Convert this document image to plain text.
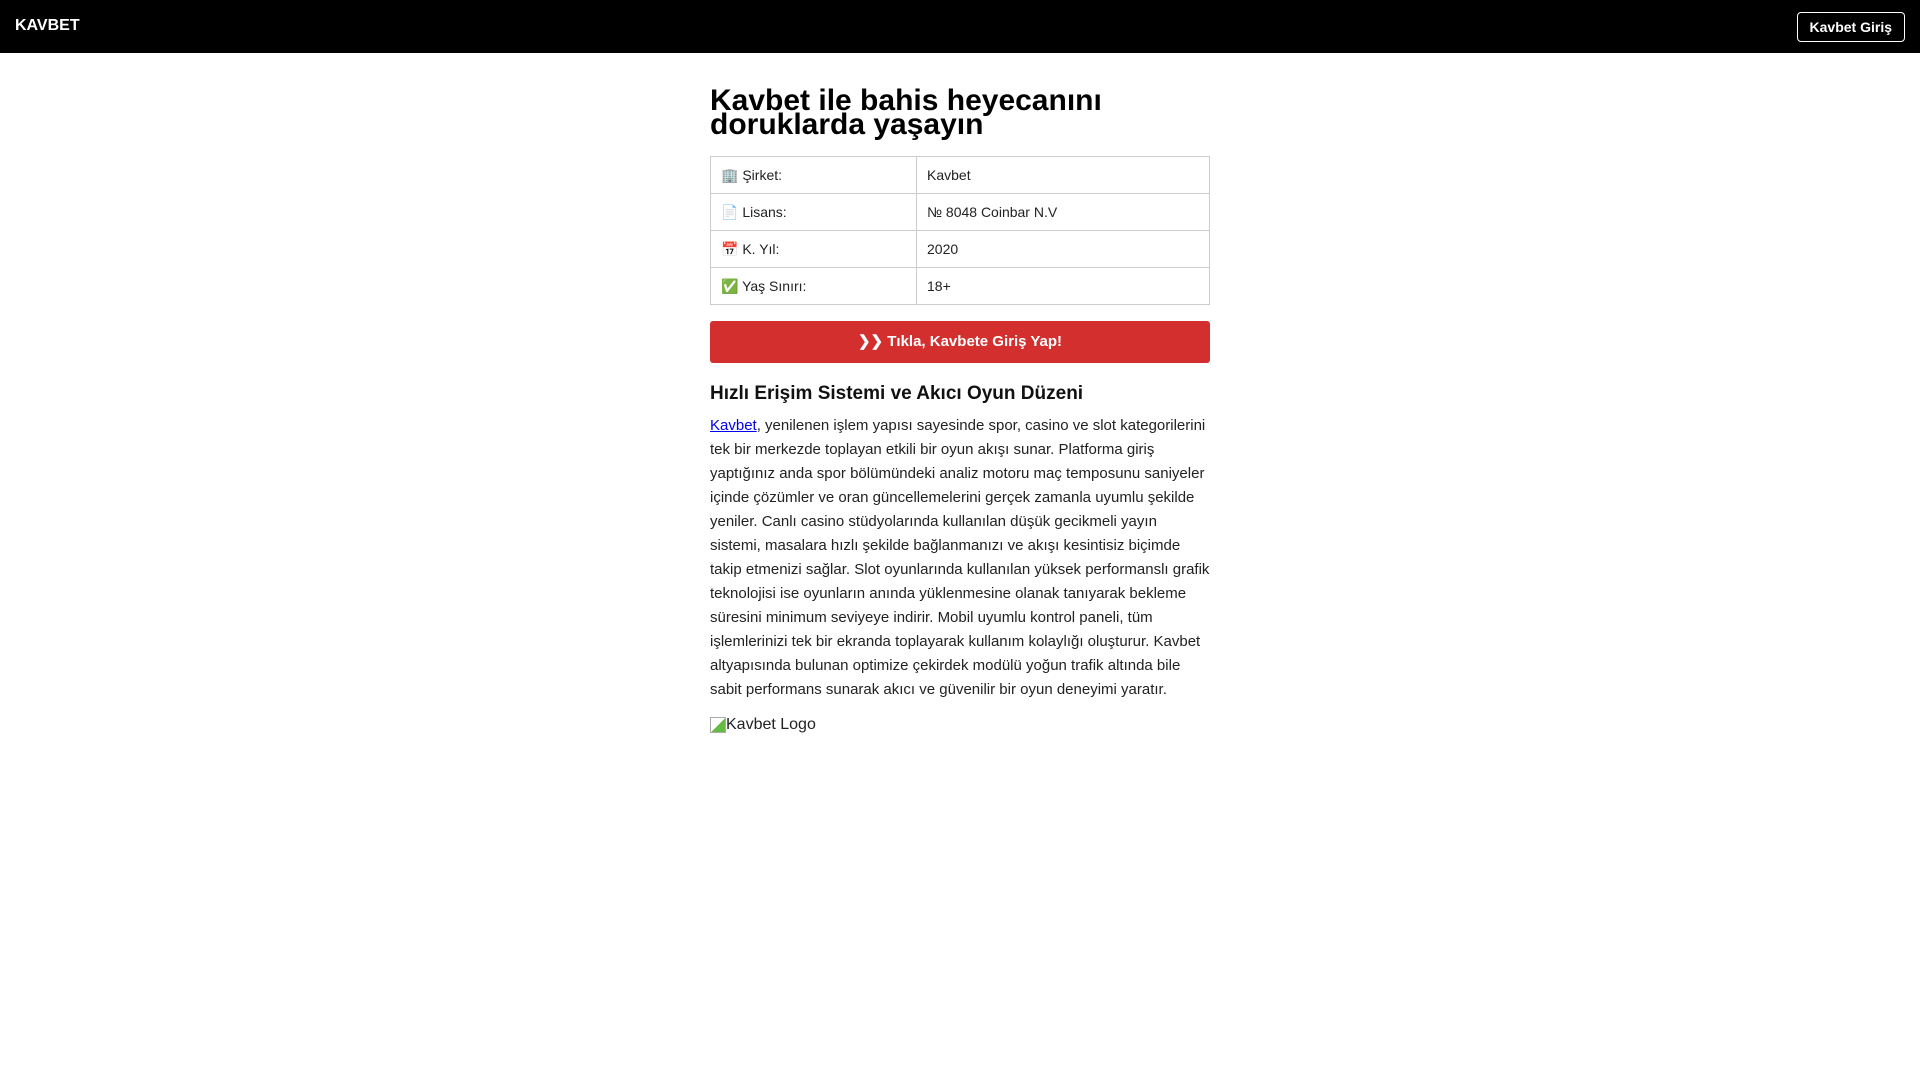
KAVBET	Kavbet Giriş
Kavbet ile bahis heyecanını doruklarda yaşayın
🏢 Şirket:	Kavbet
📄 Lisans:	№ 8048 Coinbar N.V
📅 K. Yıl:	2020
✅ Yaş Sınırı:	18+
❯❯ Tıkla, Kavbete Giriş Yap!
Hızlı Erişim Sistemi ve Akıcı Oyun Düzeni

Kavbet, yenilenen işlem yapısı sayesinde spor, casino ve slot kategorilerini tek bir merkezde toplayan etkili bir oyun akışı sunar. Platforma giriş yaptığınız anda spor bölümündeki analiz motoru maç temposunu saniyeler içinde çözümler ve oran güncellemelerini gerçek zamanla uyumlu şekilde yeniler. Canlı casino stüdyolarında kullanılan düşük gecikmeli yayın sistemi, masalara hızlı şekilde bağlanmanızı ve akışı kesintisiz biçimde takip etmenizi sağlar. Slot oyunlarında kullanılan yüksek performanslı grafik teknolojisi ise oyunların anında yüklenmesine olanak tanıyarak bekleme süresini minimum seviyeye indirir. Mobil uyumlu kontrol paneli, tüm işlemlerinizi tek bir ekranda toplayarak kullanım kolaylığı oluşturur. Kavbet altyapısında bulunan optimize çekirdek modülü yoğun trafik altında bile sabit performans sunarak akıcı ve güvenilir bir oyun deneyimi yaratır.

Kavbet Logo
